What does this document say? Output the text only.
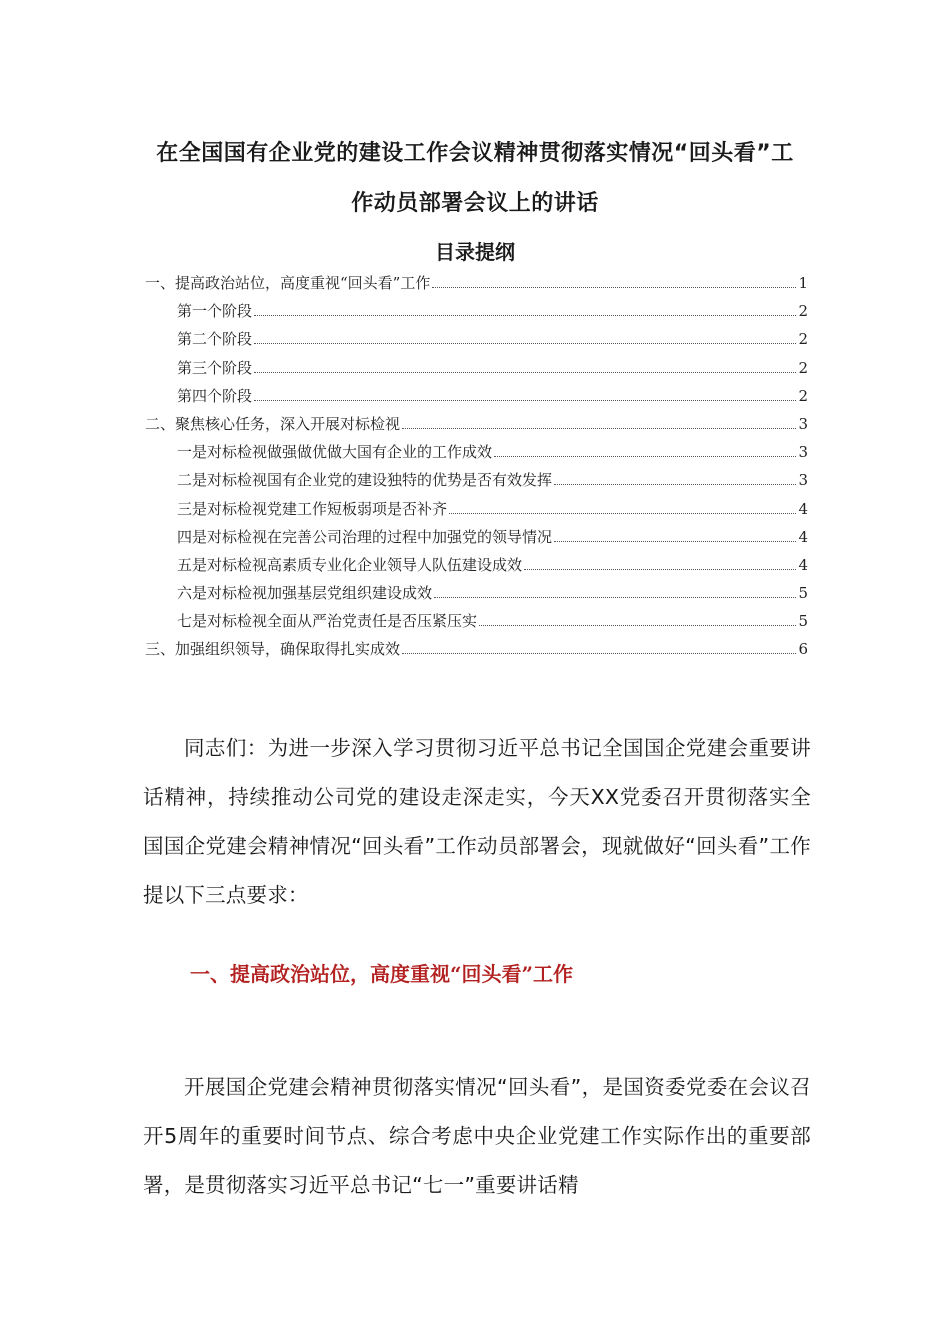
在全国国有企业党的建设工作会议精神贯彻落实情况“回头看”工
作动员部署会议上的讲话
目录提纲
一、提高政治站位，高度重视“回头看”工作	1
第一个阶段	2
第二个阶段	2
第三个阶段	2
第四个阶段	2
二、聚焦核心任务，深入开展对标检视	3
一是对标检视做强做优做大国有企业的工作成效	3
二是对标检视国有企业党的建设独特的优势是否有效发挥	3
三是对标检视党建工作短板弱项是否补齐	4
四是对标检视在完善公司治理的过程中加强党的领导情况	4
五是对标检视高素质专业化企业领导人队伍建设成效	4
六是对标检视加强基层党组织建设成效	5
七是对标检视全面从严治党责任是否压紧压实	5
三、加强组织领导，确保取得扎实成效	6
同志们：为进一步深入学习贯彻习近平总书记全国国企党建会重要讲话精神，持续推动公司党的建设走深走实，今天XX党委召开贯彻落实全国国企党建会精神情况“回头看”工作动员部署会，现就做好“回头看”工作提以下三点要求：
一、提高政治站位，高度重视“回头看”工作
开展国企党建会精神贯彻落实情况“回头看”，是国资委党委在会议召开5周年的重要时间节点、综合考虑中央企业党建工作实际作出的重要部署，是贯彻落实习近平总书记“七一”重要讲话精
